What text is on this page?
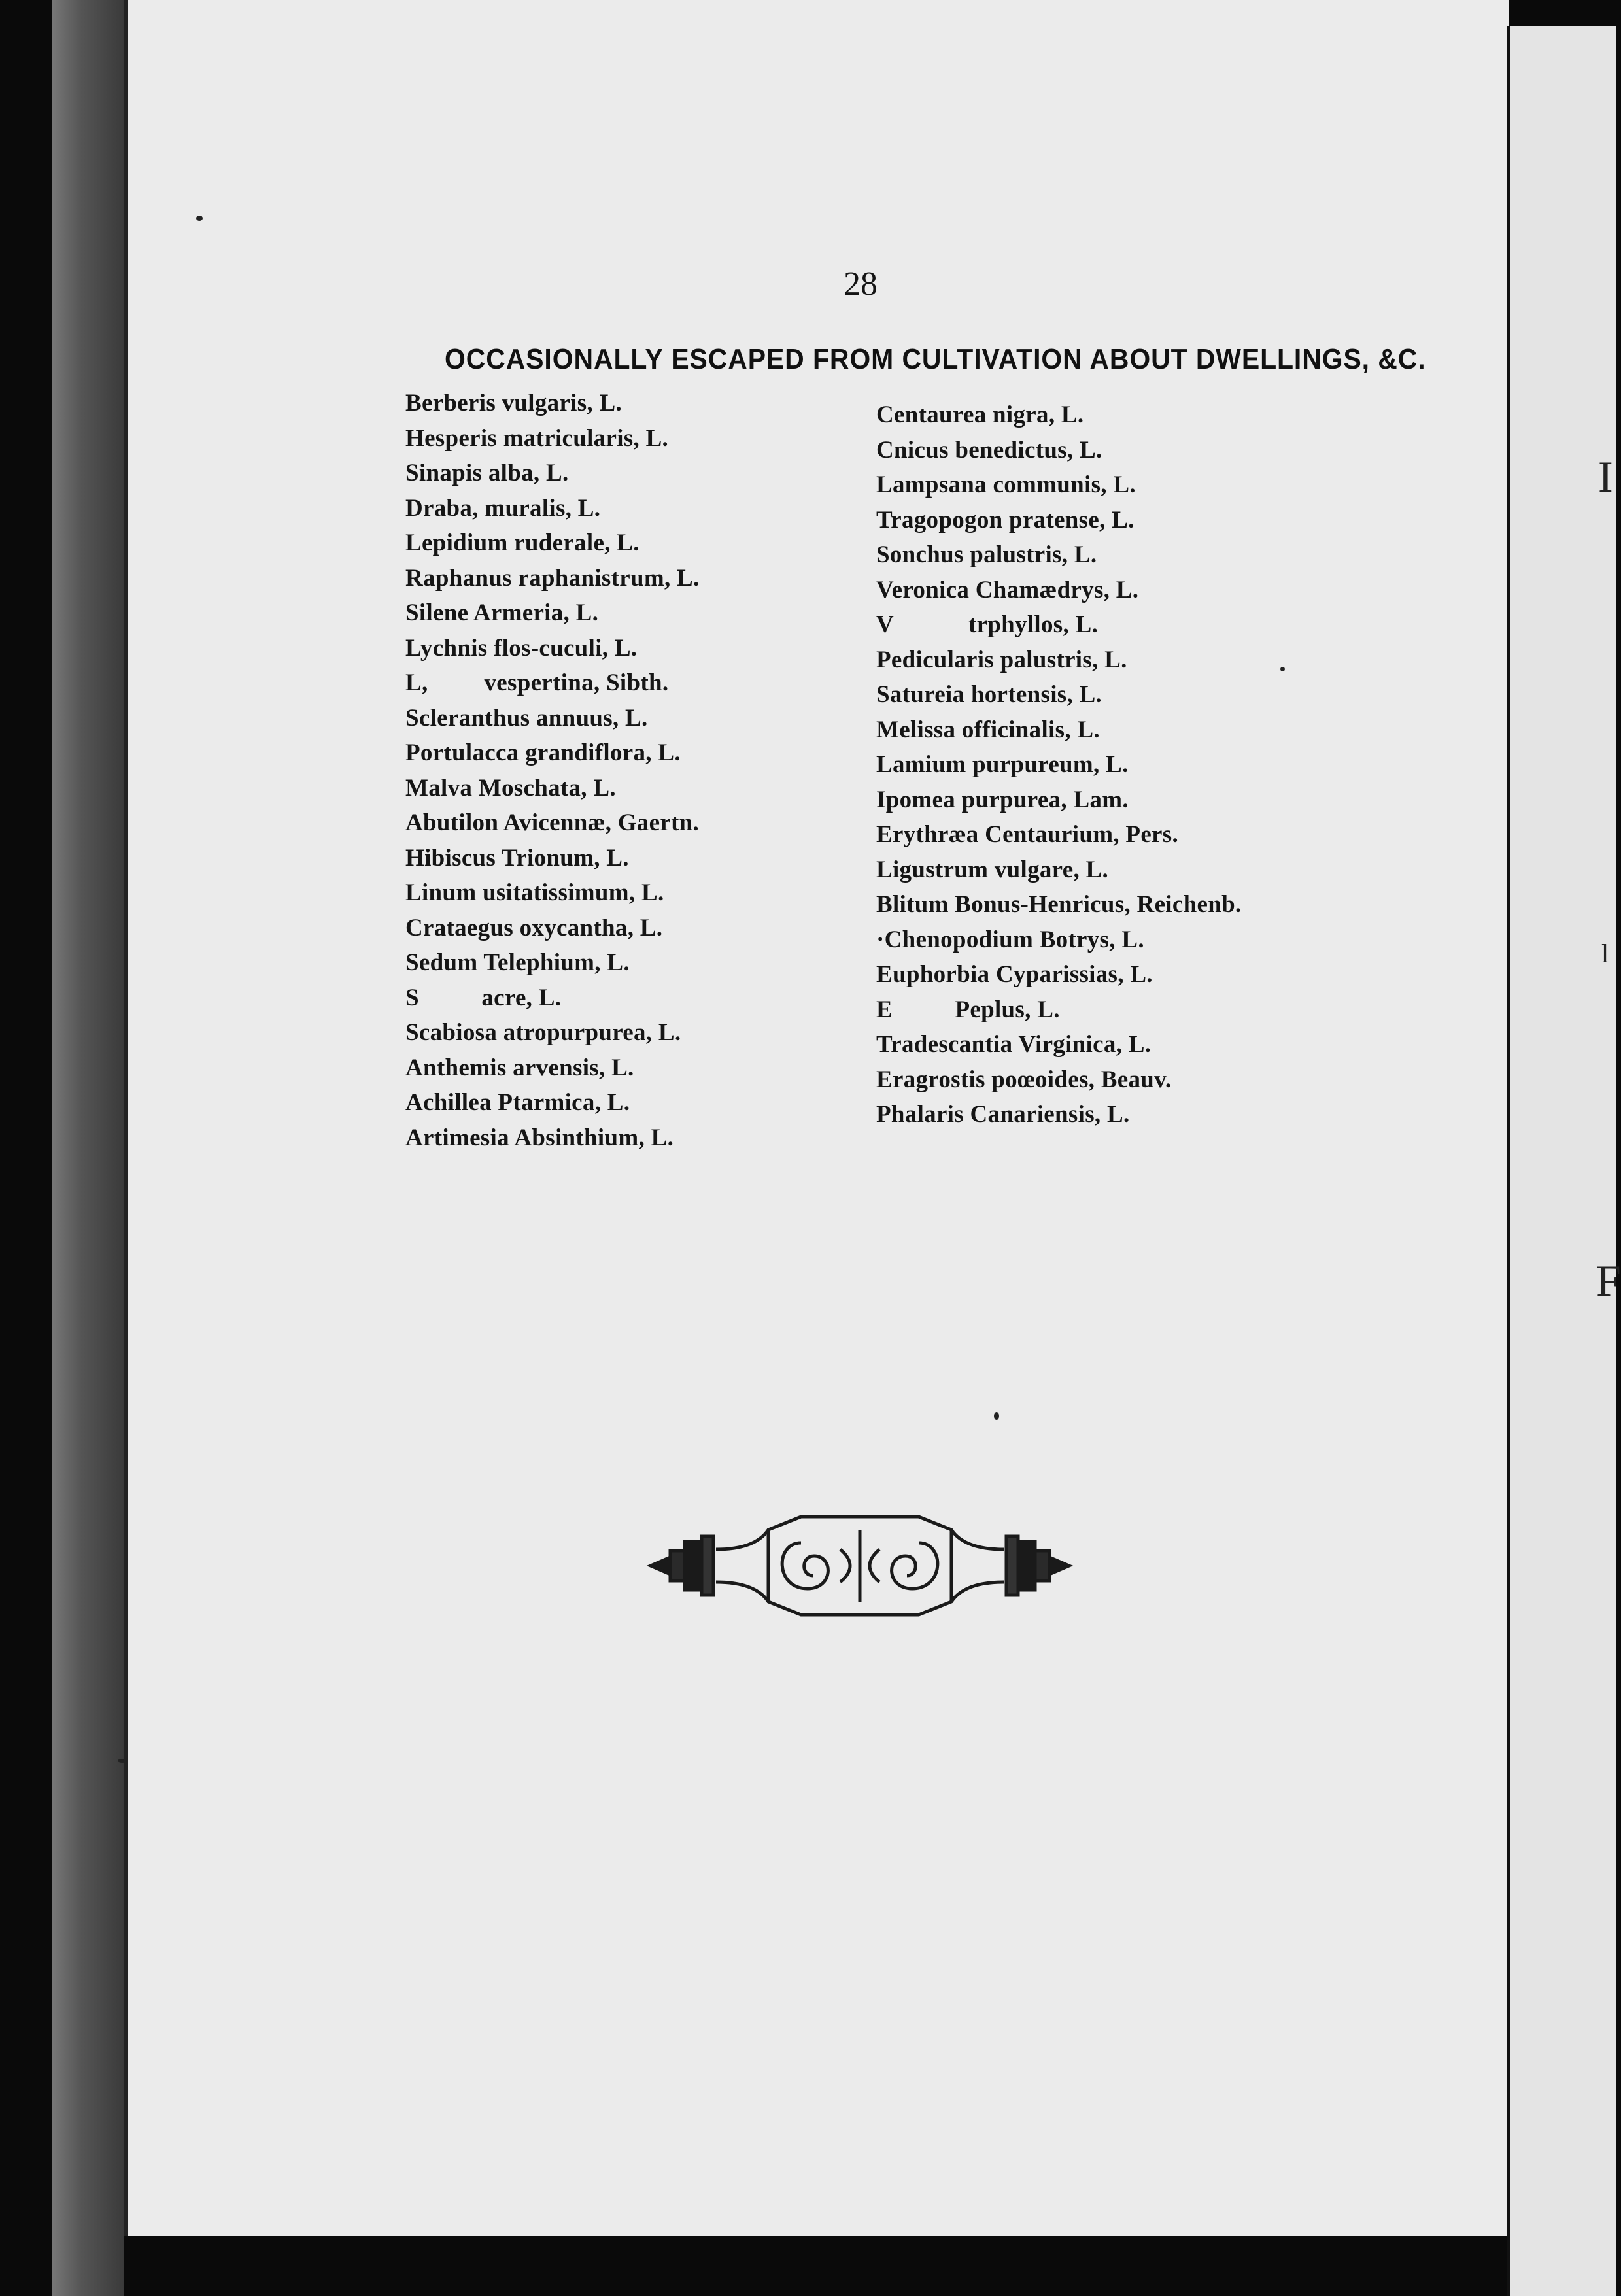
I
l
F
28
OCCASIONALLY ESCAPED FROM CULTIVATION ABOUT DWELLINGS, &C.
Berberis vulgaris, L.
Hesperis matricularis, L.
Sinapis alba, L.
Draba, muralis, L.
Lepidium ruderale, L.
Raphanus raphanistrum, L.
Silene Armeria, L.
Lychnis flos-cuculi, L.
L,         vespertina, Sibth.
Scleranthus annuus, L.
Portulacca grandiflora, L.
Malva Moschata, L.
Abutilon Avicennæ, Gaertn.
Hibiscus Trionum, L.
Linum usitatissimum, L.
Crataegus oxycantha, L.
Sedum Telephium, L.
S          acre, L.
Scabiosa atropurpurea, L.
Anthemis arvensis, L.
Achillea Ptarmica, L.
Artimesia Absinthium, L.
Centaurea nigra, L.
Cnicus benedictus, L.
Lampsana communis, L.
Tragopogon pratense, L.
Sonchus palustris, L.
Veronica Chamædrys, L.
V            trphyllos, L.
Pedicularis palustris, L.
Satureia hortensis, L.
Melissa officinalis, L.
Lamium purpureum, L.
Ipomea purpurea, Lam.
Erythræa Centaurium, Pers.
Ligustrum vulgare, L.
Blitum Bonus-Henricus, Reichenb.
·Chenopodium Botrys, L.
Euphorbia Cyparissias, L.
E          Peplus, L.
Tradescantia Virginica, L.
Eragrostis poœoides, Beauv.
Phalaris Canariensis, L.
